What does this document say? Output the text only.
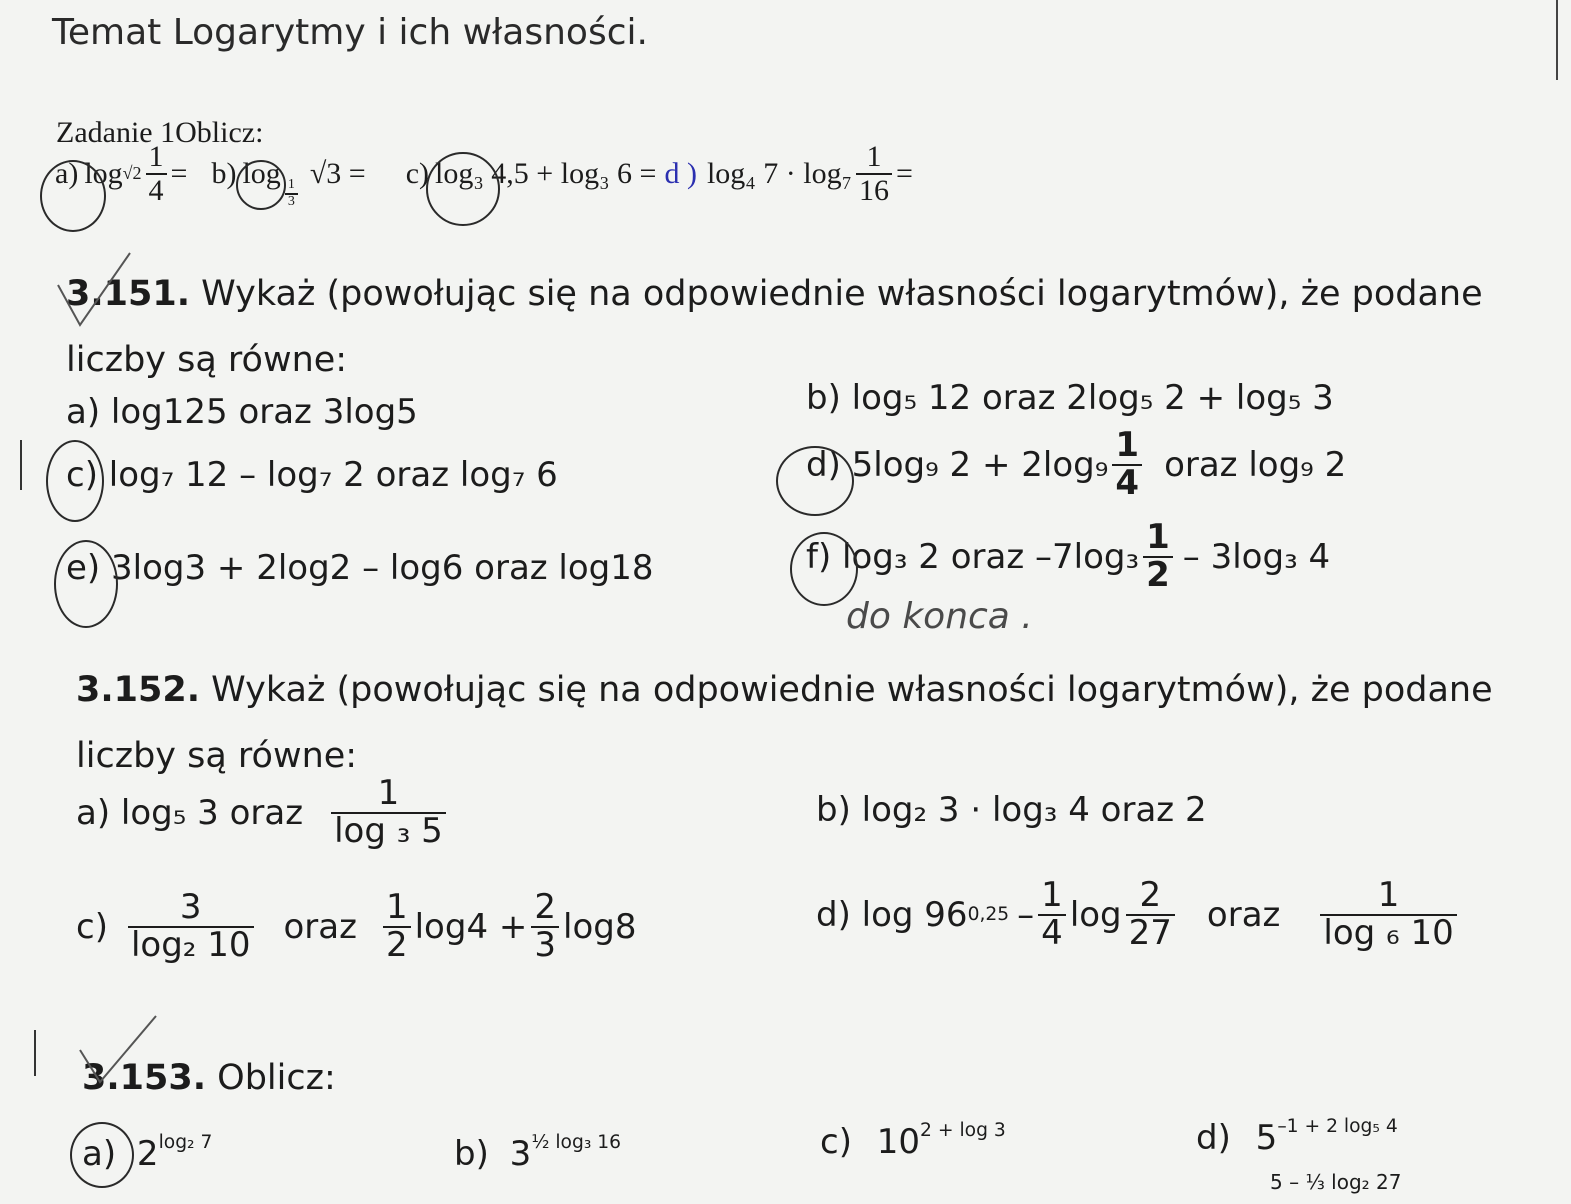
Temat Logarytmy i ich własności.
Zadanie 1Oblicz:
a) $\log √2 \frac{1}{4} = b$) log
$\frac{1}{3}$
√3 = c) log₃ 4,5 + log₃ 6 = d ) log₄ $7 \cdot \log_7 \frac{1}{16}$ =
3.151. Wykaż (powołując się na odpowiednie własności logarytmów), że podane
liczby są równe:
a) log125 oraz 3log5	b) log₅ 12 oraz 2log₅ 2 + log₅ 3
c) log₇ 12 – log₇ 2 oraz log₇ 6	d) 5log₉ $2 + 2\log_9 \frac{1}{4}$ oraz log₉ 2
e) 3log3 + 2log2 – log6 oraz log18	f) log₃ 2 oraz $-7\log_3 \frac{1}{2} - 3\log_3$ 4
do konca .
3.152. Wykaż (powołując się na odpowiednie własności logarytmów), że podane
liczby są równe:
a) log₅ 3 oraz $\frac{1}{\text{log ₃ 5}}$	b) log₂ 3 · log₃ 4 oraz 2
$c) \frac{3}{\text{log₂ 10}}$ oraz $\frac{1}{2} \log 4 + \frac{2}{3} \log 8$	d) log 96 $0,25 - \frac{1}{4}$ $\log \frac{2}{27}$ oraz $\frac{1}{\text{log ₆ 10}}$
3.153. Oblicz:
a) $2^{log_2 7}$	b) $3^{\frac{1}{2} log_3 16}$	c) $10^{2 + log 3}$	d) $5^{-1 + 2 log_5 4}$
5 – ⅓ log₂ 27
